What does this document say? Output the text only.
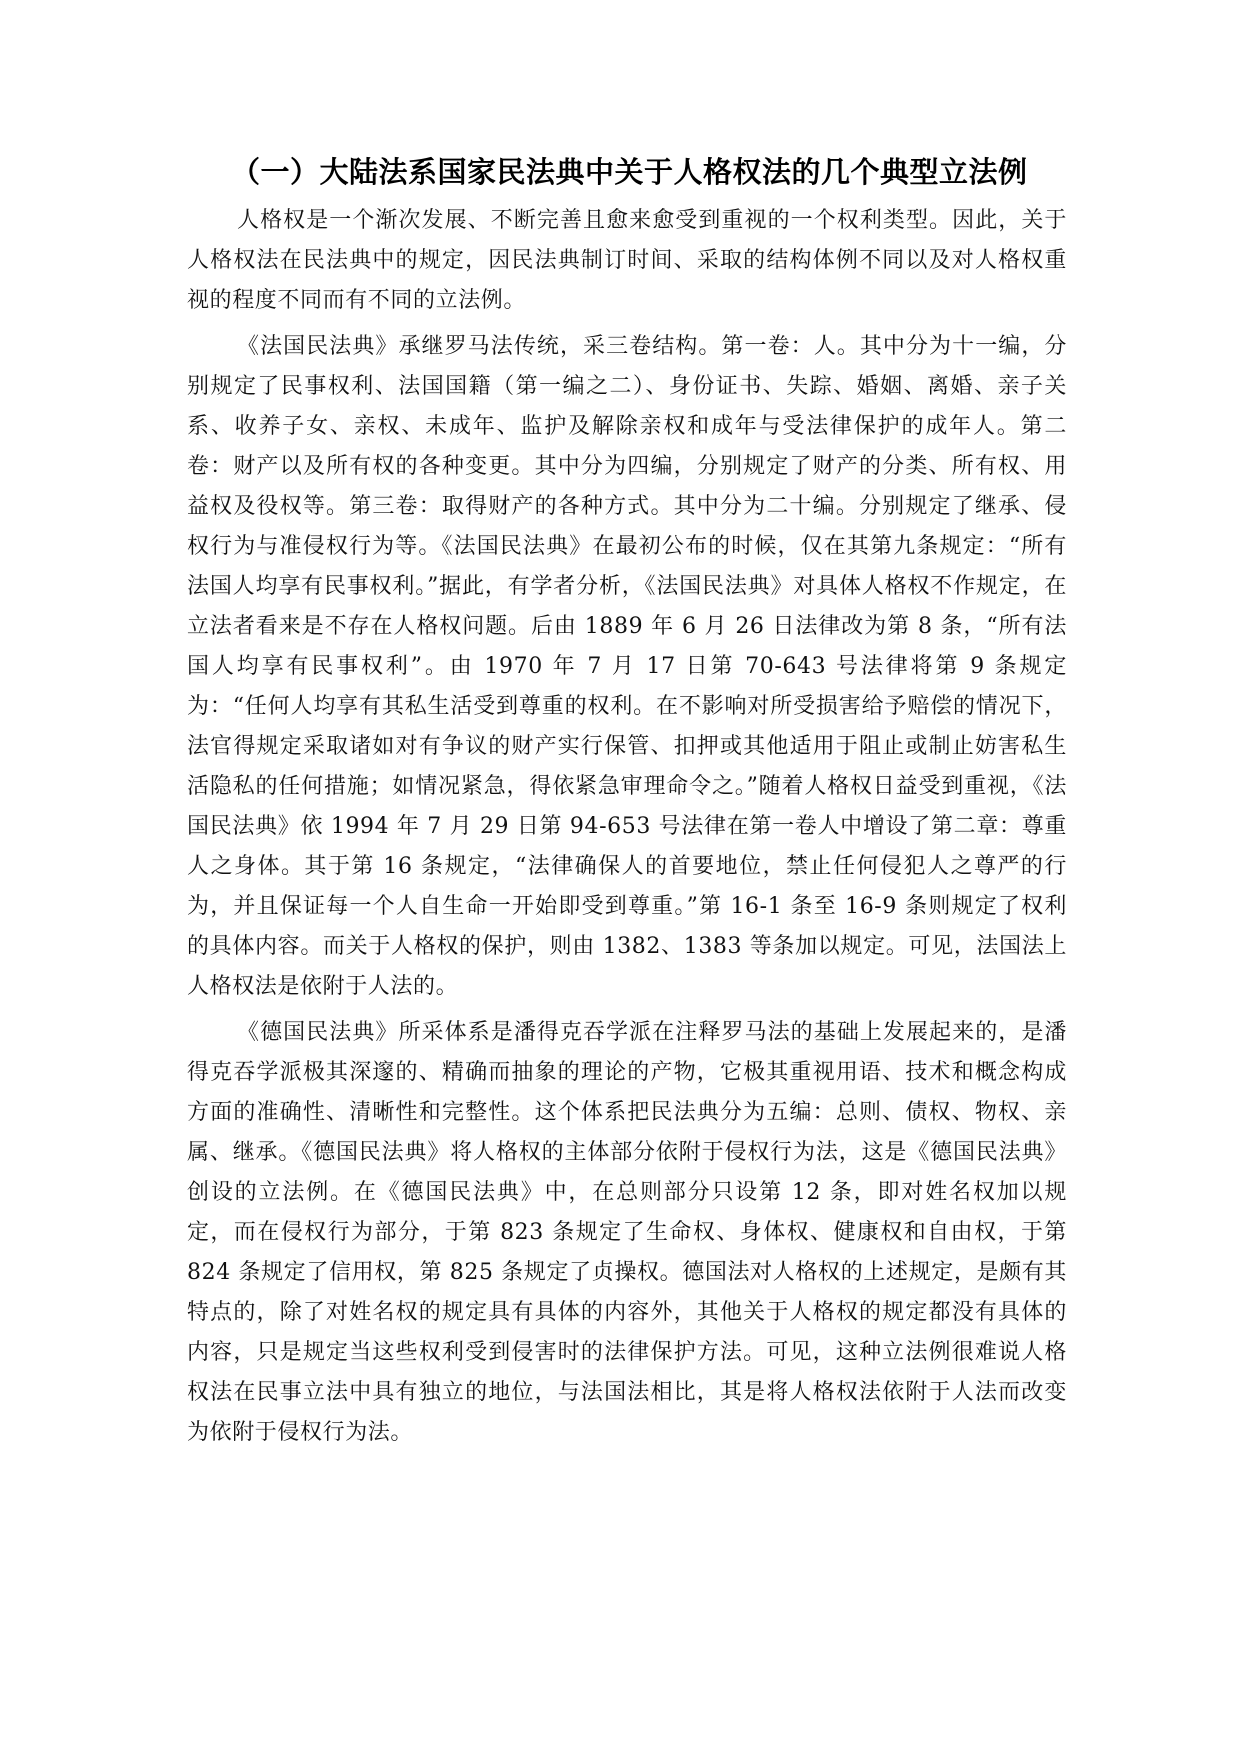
（一）大陆法系国家民法典中关于人格权法的几个典型立法例

人格权是一个渐次发展、不断完善且愈来愈受到重视的一个权利类型。因此，关于人格权法在民法典中的规定，因民法典制订时间、采取的结构体例不同以及对人格权重视的程度不同而有不同的立法例。

《法国民法典》承继罗马法传统，采三卷结构。第一卷：人。其中分为十一编，分别规定了民事权利、法国国籍（第一编之二）、身份证书、失踪、婚姻、离婚、亲子关系、收养子女、亲权、未成年、监护及解除亲权和成年与受法律保护的成年人。第二卷：财产以及所有权的各种变更。其中分为四编，分别规定了财产的分类、所有权、用益权及役权等。第三卷：取得财产的各种方式。其中分为二十编。分别规定了继承、侵权行为与准侵权行为等。《法国民法典》在最初公布的时候，仅在其第九条规定：“所有法国人均享有民事权利。”据此，有学者分析，《法国民法典》对具体人格权不作规定，在立法者看来是不存在人格权问题。后由 1889 年 6 月 26 日法律改为第 8 条，“所有法国人均享有民事权利”。由 1970 年 7 月 17 日第 70-643 号法律将第 9 条规定为：“任何人均享有其私生活受到尊重的权利。在不影响对所受损害给予赔偿的情况下，法官得规定采取诸如对有争议的财产实行保管、扣押或其他适用于阻止或制止妨害私生活隐私的任何措施；如情况紧急，得依紧急审理命令之。”随着人格权日益受到重视，《法国民法典》依 1994 年 7 月 29 日第 94-653 号法律在第一卷人中增设了第二章：尊重人之身体。其于第 16 条规定，“法律确保人的首要地位，禁止任何侵犯人之尊严的行为，并且保证每一个人自生命一开始即受到尊重。”第 16-1 条至 16-9 条则规定了权利的具体内容。而关于人格权的保护，则由 1382、1383 等条加以规定。可见，法国法上人格权法是依附于人法的。

《德国民法典》所采体系是潘得克吞学派在注释罗马法的基础上发展起来的，是潘得克吞学派极其深邃的、精确而抽象的理论的产物，它极其重视用语、技术和概念构成方面的准确性、清晰性和完整性。这个体系把民法典分为五编：总则、债权、物权、亲属、继承。《德国民法典》将人格权的主体部分依附于侵权行为法，这是《德国民法典》创设的立法例。在《德国民法典》中，在总则部分只设第 12 条，即对姓名权加以规定，而在侵权行为部分，于第 823 条规定了生命权、身体权、健康权和自由权，于第 824 条规定了信用权，第 825 条规定了贞操权。德国法对人格权的上述规定，是颇有其特点的，除了对姓名权的规定具有具体的内容外，其他关于人格权的规定都没有具体的内容，只是规定当这些权利受到侵害时的法律保护方法。可见，这种立法例很难说人格权法在民事立法中具有独立的地位，与法国法相比，其是将人格权法依附于人法而改变为依附于侵权行为法。
